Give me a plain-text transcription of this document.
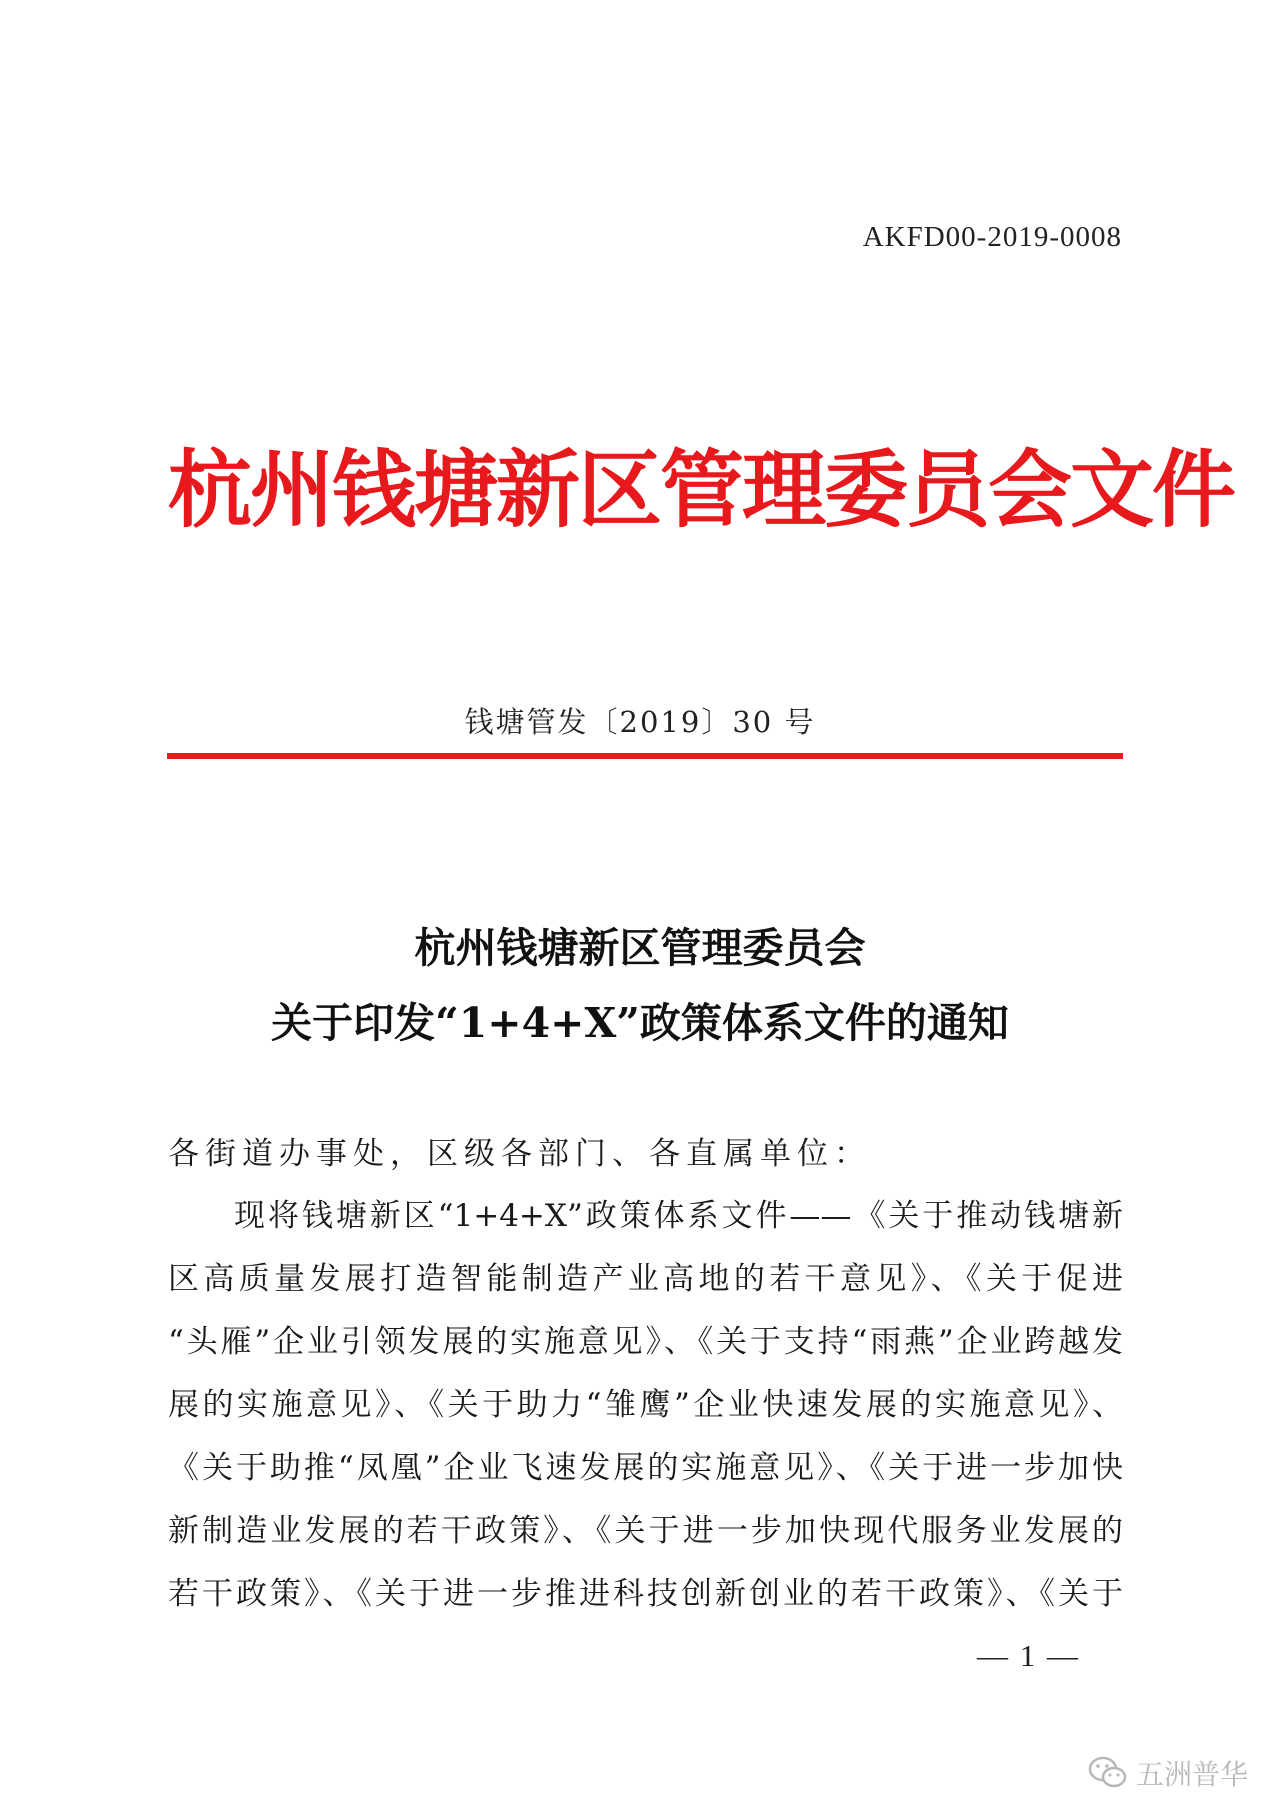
AKFD00-2019-0008
杭州钱塘新区管理委员会文件
钱塘管发〔2019〕30 号
杭州钱塘新区管理委员会
关于印发“1+4+X”政策体系文件的通知
各街道办事处，区级各部门、各直属单位：
现将钱塘新区“1+4+X”政策体系文件——《关于推动钱塘新
区高质量发展打造智能制造产业高地的若干意见》、《关于促进
“头雁”企业引领发展的实施意见》、《关于支持“雨燕”企业跨越发
展的实施意见》、《关于助力“雏鹰”企业快速发展的实施意见》、
《关于助推“凤凰”企业飞速发展的实施意见》、《关于进一步加快
新制造业发展的若干政策》、《关于进一步加快现代服务业发展的
若干政策》、《关于进一步推进科技创新创业的若干政策》、《关于
— 1 —
五洲普华
